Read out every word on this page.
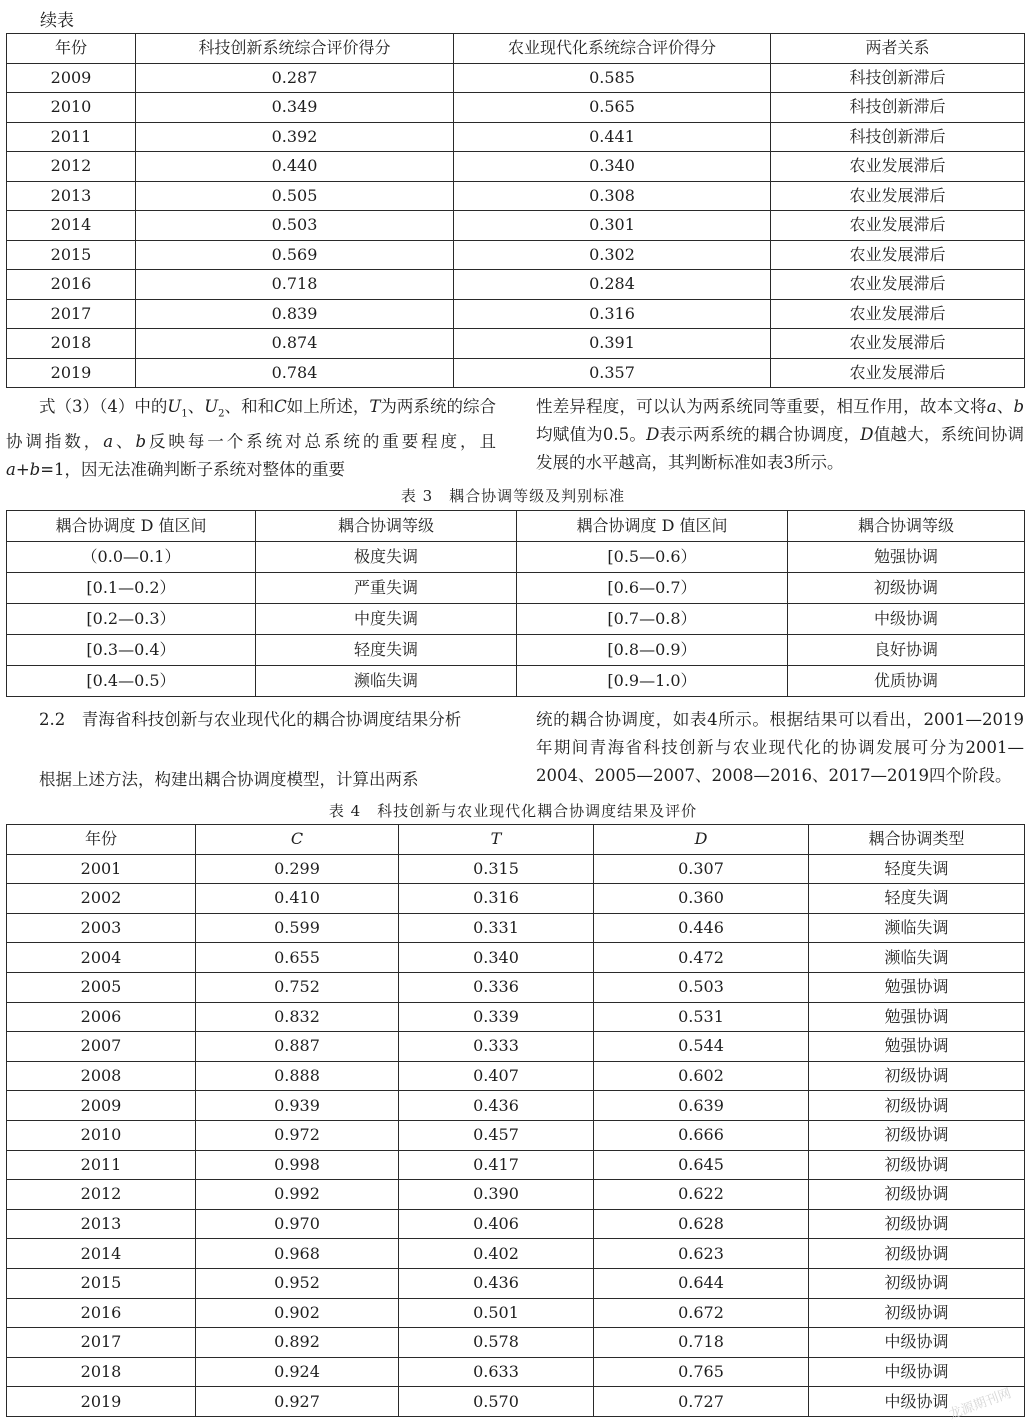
续表
年份	科技创新系统综合评价得分	农业现代化系统综合评价得分	两者关系
2009	0.287	0.585	科技创新滞后
2010	0.349	0.565	科技创新滞后
2011	0.392	0.441	科技创新滞后
2012	0.440	0.340	农业发展滞后
2013	0.505	0.308	农业发展滞后
2014	0.503	0.301	农业发展滞后
2015	0.569	0.302	农业发展滞后
2016	0.718	0.284	农业发展滞后
2017	0.839	0.316	农业发展滞后
2018	0.874	0.391	农业发展滞后
2019	0.784	0.357	农业发展滞后
式（3）（4）中的$U_1$、$U_2$、和和C如上所述，T为两系统的综合协调指数，a、b反映每一个系统对总系统的重要程度，且a+b=1，因无法准确判断子系统对整体的重要
性差异程度，可以认为两系统同等重要，相互作用，故本文将a、b均赋值为0.5。D表示两系统的耦合协调度，D值越大，系统间协调发展的水平越高，其判断标准如表3所示。
表 3　耦合协调等级及判别标准
耦合协调度 D 值区间	耦合协调等级	耦合协调度 D 值区间	耦合协调等级
（0.0—0.1）	极度失调	[0.5—0.6）	勉强协调
[0.1—0.2）	严重失调	[0.6—0.7）	初级协调
[0.2—0.3）	中度失调	[0.7—0.8）	中级协调
[0.3—0.4）	轻度失调	[0.8—0.9）	良好协调
[0.4—0.5）	濒临失调	[0.9—1.0）	优质协调
2.2　青海省科技创新与农业现代化的耦合协调度结果分析
根据上述方法，构建出耦合协调度模型，计算出两系
统的耦合协调度，如表4所示。根据结果可以看出，2001—2019年期间青海省科技创新与农业现代化的协调发展可分为2001—2004、2005—2007、2008—2016、2017—2019四个阶段。
表 4　科技创新与农业现代化耦合协调度结果及评价
年份	C	T	D	耦合协调类型
2001	0.299	0.315	0.307	轻度失调
2002	0.410	0.316	0.360	轻度失调
2003	0.599	0.331	0.446	濒临失调
2004	0.655	0.340	0.472	濒临失调
2005	0.752	0.336	0.503	勉强协调
2006	0.832	0.339	0.531	勉强协调
2007	0.887	0.333	0.544	勉强协调
2008	0.888	0.407	0.602	初级协调
2009	0.939	0.436	0.639	初级协调
2010	0.972	0.457	0.666	初级协调
2011	0.998	0.417	0.645	初级协调
2012	0.992	0.390	0.622	初级协调
2013	0.970	0.406	0.628	初级协调
2014	0.968	0.402	0.623	初级协调
2015	0.952	0.436	0.644	初级协调
2016	0.902	0.501	0.672	初级协调
2017	0.892	0.578	0.718	中级协调
2018	0.924	0.633	0.765	中级协调
2019	0.927	0.570	0.727	中级协调
龙源期刊网
